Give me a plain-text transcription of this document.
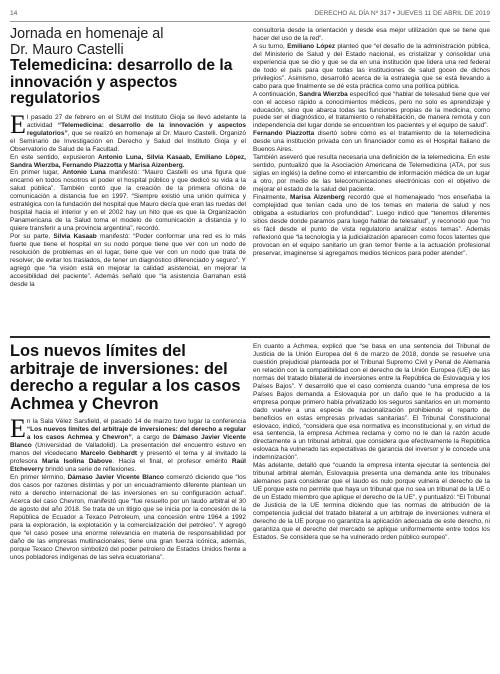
14	DERECHO AL DÍA Nº 317 • JUEVES 11 DE ABRIL DE 2019
Jornada en homenaje al
Dr. Mauro Castelli
Telemedicina: desarrollo de la innovación y aspectos regulatorios

El pasado 27 de febrero en el SUM del Instituto Gioja se llevó adelante la actividad “Telemedicina: desarrollo de la innovación y aspectos regulatorios”, que se realizó en homenaje al Dr. Mauro Castelli. Organizó el Seminario de Investigación en Derecho y Salud del Instituto Gioja y el Observatorio de Salud de la Facultad.

En este sentido, expusieron Antonio Luna, Silvia Kasaab, Emiliano López, Sandra Wierzba, Fernando Piazzotta y Marisa Aizenberg.

En primer lugar, Antonio Luna manifestó: “Mauro Castelli es una figura que encarnó en todos nosotros el poder el hospital público y que dedicó su vida a la salud pública”. También contó que la creación de la primera oficina de comunicación a distancia fue en 1997. “Siempre existió una unión química y estratégica con la fundación del hospital que Mauro decía que eran las ruedas del hospital hacia el interior y en el 2002 hay un hito que es que la Organización Panamericana de la Salud toma el modelo de comunicación a distancia y lo quiere transferir a una provincia argentina”, recordó.

Por su parte, Silvia Kasaab manifestó: “Poder conformar una red es lo más fuerte que tiene el hospital en su nodo porque tiene que ver con un nodo de resolución de problemas en el lugar, tiene que ver con un nodo que trata de resolver, de evitar los traslados, de tener un diagnóstico diferenciado y seguro”. Y agregó que “la visión está en mejorar la calidad asistencial, en mejorar la accesibilidad del paciente”. Además señaló que “la asistencia Garrahan está desde la

consultoría desde la orientación y desde esa mejor utilización que se tiene que hacer del uso de la red”.

A su turno, Emiliano López planteó que “el desafío de la administración pública, del Ministerio de Salud y del Estado nacional, es cristalizar y consolidar una experiencia que se dio y que se da en una institución que lidera una red federal de todo el país para que todas las instituciones de salud gocen de dichos privilegios”. Asimismo, desarrolló acerca de la estrategia que se está llevando a cabo para que finalmente se dé esta práctica como una política pública.

A continuación, Sandra Wierzba especificó que “hablar de telesalud tiene que ver con el acceso rápido a conocimientos médicos, pero no solo es aprendizaje y educación, sino que abarca todas las funciones propias de la medicina, como puede ser el diagnóstico, el tratamiento o rehabilitación, de manera remota y con independencia del lugar donde se encuentren los pacientes y el equipo de salud”.

Fernando Piazzotta disertó sobre cómo es el tratamiento de la telemedicina desde una institución privada con un financiador como es el Hospital Italiano de Buenos Aires.

También aseveró que resulta necesaria una definición de la telemedicina. En este sentido, puntualizó que la Asociación Americana de Telemedicina (ATA, por sus siglas en inglés) la define como el intercambio de información médica de un lugar a otro, por medio de las telecomunicaciones electrónicas con el objetivo de mejorar el estado de la salud del paciente.

Finalmente, Marisa Aizenberg recordó que el homenajeado “nos enseñaba la complejidad que tenían cada uno de los temas en materia de salud y nos obligaba a estudiarlos con profundidad”. Luego indicó que “tenemos diferentes sitios desde donde paramos para luego hablar de telesalud”, y reconoció que “no es fácil desde el punto de vista regulatorio analizar estos temas”. Además reflexionó que “la tecnología y la judicialización aparecen como focos latentes que provocan en el equipo sanitario un gran temor frente a la actuación profesional preservar, imaginense si agregamos medios técnicos para poder atender”.

Los nuevos límites del arbitraje de inversiones: del derecho a regular a los casos Achmea y Chevron

En la Sala Vélez Sarsfield, el pasado 14 de marzo tuvo lugar la conferencia “Los nuevos límites del arbitraje de inversiones: del derecho a regular a los casos Achmea y Chevron”, a cargo de Dámaso Javier Vicente Blanco (Universidad de Valladolid). La presentación del encuentro estuvo en manos del vicedecano Marcelo Gebhardt y presentó el tema y al invitado la profesora María Isolina Dabove. Hacia el final, el profesor emérito Raúl Etcheverry brindó una serie de reflexiones.

En primer término, Dámaso Javier Vicente Blanco comenzó diciendo que “los dos casos por razones distintas y por un encuadramiento diferente plantean un reto a derecho internacional de las inversiones en su configuración actual”. Acerca del caso Chevron, manifestó que “fue resuelto por un laudo arbitral el 30 de agosto del año 2018. Se trata de un litigio que se inicia por la concesión de la República de Ecuador a Texaco Petroleum, una concesión entre 1964 a 1992 para la exploración, la explotación y la comercialización del petróleo”. Y agregó que “el caso posee una enorme relevancia en materia de responsabilidad por daño de las empresas multinacionales; tiene una gran fuerza icónica, además, porque Texaco Chevron simbolizó del poder petrolero de Estados Unidos frente a unos pobladores indígenas de las selva ecuatoriana”.

En cuanto a Achmea, explicó que “se basa en una sentencia del Tribunal de Justicia de la Unión Europea del 6 de marzo de 2018, donde se resuelve una cuestión prejudicial planteada por el Tribunal Supremo Civil y Penal de Alemania en relación con la compatibilidad con el derecho de la Unión Europea (UE) de las normas del tratado bilateral de inversiones entre la República de Eslovaquia y los Países Bajos”. Y desarrolló que el caso comienza cuando “una empresa de los Países Bajos demanda a Eslovaquia por un daño que le ha producido a la empresa porque primero había privatizado los seguros sanitarios en un momento dado vuelve a una especie de nacionalización prohibiendo el reparto de beneficios en estas empresas privadas sanitarias”. El Tribunal Constitucional eslovaco, indicó, “considera que esa normativa es inconstitucional y, en virtud de esa sentencia, la empresa Achmea reclama y como no le dan la razón acude directamente a un tribunal arbitral, que considera que efectivamente la República eslovaca ha vulnerado las expectativas de garancia del inversor y le concede una indemnización”.

Más adelante, detalló que “cuando la empresa intenta ejecutar la sentencia del tribunal arbitral alemán, Eslovaquia presenta una demanda ante los tribunales alemanes para considerar que el laudo es nulo porque vulnera el derecho de la UE porque este no permite que haya un tribunal que no sea un tribunal de la UE o de un Estado miembro que aplique el derecho de la UE”, y puntualizó: “El Tribunal de Justicia de la UE termina diciendo que las normas de atribución de la competencia judicial del tratado bilateral a un arbitraje de inversiones vulnera el derecho de la UE porque no garantiza la aplicación adecuada de este derecho, ni garantiza que el derecho del mercado se aplique uniformemente entre todos los Estados. Se considera que se ha vulnerado orden público europeo”.
